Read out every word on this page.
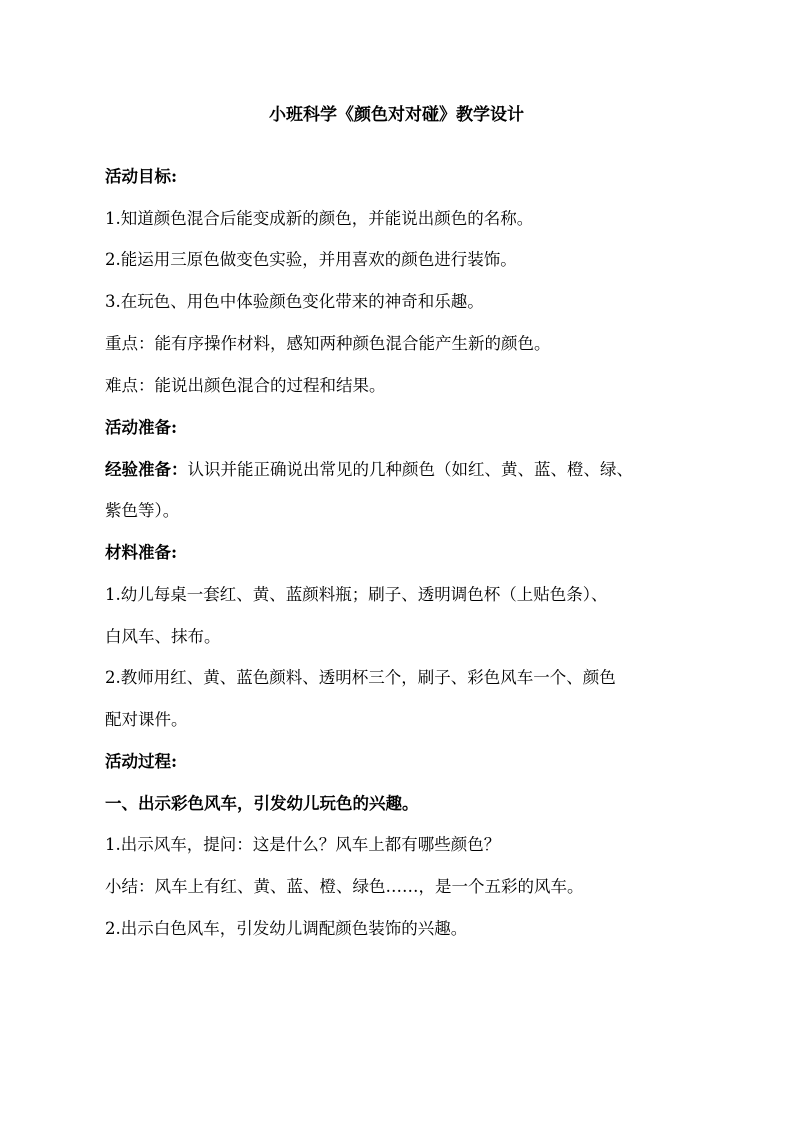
小班科学《颜色对对碰》教学设计
活动目标:
1.知道颜色混合后能变成新的颜色，并能说出颜色的名称。
2.能运用三原色做变色实验，并用喜欢的颜色进行装饰。
3.在玩色、用色中体验颜色变化带来的神奇和乐趣。
重点：能有序操作材料，感知两种颜色混合能产生新的颜色。
难点：能说出颜色混合的过程和结果。
活动准备:
经验准备：认识并能正确说出常见的几种颜色（如红、黄、蓝、橙、绿、
紫色等）。
材料准备:
1.幼儿每桌一套红、黄、蓝颜料瓶；刷子、透明调色杯（上贴色条）、
白风车、抹布。
2.教师用红、黄、蓝色颜料、透明杯三个，刷子、彩色风车一个、颜色
配对课件。
活动过程:
一、出示彩色风车，引发幼儿玩色的兴趣。
1.出示风车，提问：这是什么？风车上都有哪些颜色？
小结：风车上有红、黄、蓝、橙、绿色……，是一个五彩的风车。
2.出示白色风车，引发幼儿调配颜色装饰的兴趣。
